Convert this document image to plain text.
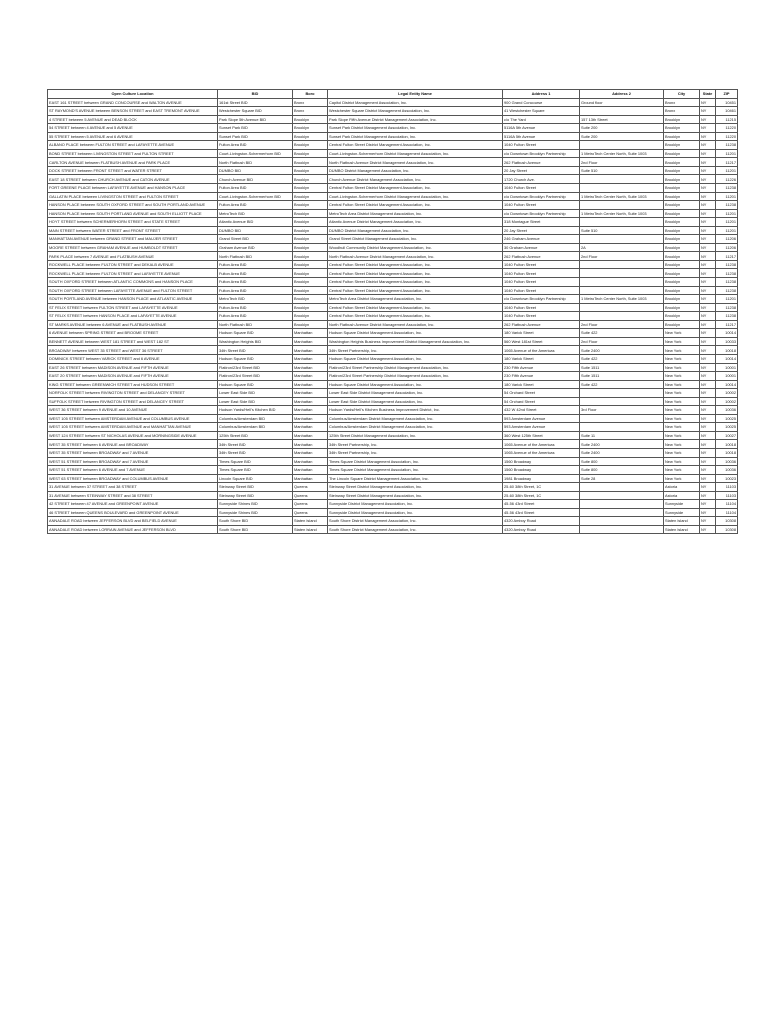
Open Culture Location	BID	Boro	Legal Entity Name	Address 1	Address 2	City	State	ZIP
EAST 161 STREET between GRAND CONCOURSE and WALTON AVENUE	161st Street BID	Bronx	Capitol District Management Association, Inc.	900 Grand Concourse	Ground floor	Bronx	NY	10451
ST RAYMOND'S AVENUE between BENSON STREET and EAST TREMONT AVENUE	Westchester Square BID	Bronx	Westchester Square District Management Association, Inc.	41 Westchester Square		Bronx	NY	10461
4 STREET between 5 AVENUE and DEAD BLOCK	Park Slope 5th Avenue BID	Brooklyn	Park Slope Fifth Avenue District Management Association, Inc.	c/o The Yard	157 13th Street	Brooklyn	NY	11215
54 STREET between 4 AVENUE and 5 AVENUE	Sunset Park BID	Brooklyn	Sunset Park District Management Association, Inc.	5116A 5th Avenue	Suite 200	Brooklyn	NY	11220
55 STREET between 5 AVENUE and 6 AVENUE	Sunset Park BID	Brooklyn	Sunset Park District Management Association, Inc.	5116A 5th Avenue	Suite 200	Brooklyn	NY	11220
ALBANO PLACE between FULTON STREET and LAFAYETTE AVENUE	Fulton Area BID	Brooklyn	Central Fulton Street District Management Association, Inc.	1040 Fulton Street		Brooklyn	NY	11238
BOND STREET between LIVINGSTON STREET and FULTON STREET	Court-Livingston-Schermerhorn BID	Brooklyn	Court-Livingston-Schermerhorn District Management Association, Inc.	c/o Downtown Brooklyn Partnership	1 MetroTech Center North, Suite 1003	Brooklyn	NY	11201
CARLTON AVENUE between FLATBUSH AVENUE and PARK PLACE	North Flatbush BID	Brooklyn	North Flatbush Avenue District Management Association, Inc.	262 Flatbush Avenue	2nd Floor	Brooklyn	NY	11217
DOCK STREET between FRONT STREET and WATER STREET	DUMBO BID	Brooklyn	DUMBO District Management Association, Inc.	20 Jay Street	Suite 510	Brooklyn	NY	11201
EAST 18 STREET between CHURCH AVENUE and CATON AVENUE	Church Avenue BID	Brooklyn	Church Avenue District Management Association, Inc.	1720 Church Ave.		Brooklyn	NY	11226
FORT GREENE PLACE between LAFAYETTE AVENUE and HANSON PLACE	Fulton Area BID	Brooklyn	Central Fulton Street District Management Association, Inc.	1040 Fulton Street		Brooklyn	NY	11238
GALLATIN PLACE between LIVINGSTON STREET and FULTON STREET	Court-Livingston-Schermerhorn BID	Brooklyn	Court-Livingston-Schermerhorn District Management Association, Inc.	c/o Downtown Brooklyn Partnership	1 MetroTech Center North, Suite 1003	Brooklyn	NY	11201
HANSON PLACE between SOUTH OXFORD STREET and SOUTH PORTLAND AVENUE	Fulton Area BID	Brooklyn	Central Fulton Street District Management Association, Inc.	1040 Fulton Street		Brooklyn	NY	11238
HANSON PLACE between SOUTH PORTLAND AVENUE and SOUTH ELLIOTT PLACE	MetroTech BID	Brooklyn	MetroTech Area District Management Association, Inc.	c/o Downtown Brooklyn Partnership	1 MetroTech Center North, Suite 1003	Brooklyn	NY	11201
HOYT STREET between SCHERMERHORN STREET and STATE STREET	Atlantic Avenue BID	Brooklyn	Atlantic Avenue District Management Association, Inc.	318 Montague Street		Brooklyn	NY	11201
MAIN STREET between WATER STREET and FRONT STREET	DUMBO BID	Brooklyn	DUMBO District Management Association, Inc.	20 Jay Street	Suite 510	Brooklyn	NY	11201
MANHATTAN AVENUE between GRAND STREET and MAUJER STREET	Grand Street BID	Brooklyn	Grand Street District Management Association, Inc.	246 Graham Avenue		Brooklyn	NY	11206
MOORE STREET between GRAHAM AVENUE and HUMBOLDT STREET	Graham Avenue BID	Brooklyn	Woodhull Community District Management Association, Inc.	30 Graham Avenue	2A	Brooklyn	NY	11206
PARK PLACE between 7 AVENUE and FLATBUSH AVENUE	North Flatbush BID	Brooklyn	North Flatbush Avenue District Management Association, Inc.	262 Flatbush Avenue	2nd Floor	Brooklyn	NY	11217
ROCKWELL PLACE between FULTON STREET and DEKALB AVENUE	Fulton Area BID	Brooklyn	Central Fulton Street District Management Association, Inc.	1040 Fulton Street		Brooklyn	NY	11238
ROCKWELL PLACE between FULTON STREET and LAFAYETTE AVENUE	Fulton Area BID	Brooklyn	Central Fulton Street District Management Association, Inc.	1040 Fulton Street		Brooklyn	NY	11238
SOUTH OXFORD STREET between ATLANTIC COMMONS and HANSON PLACE	Fulton Area BID	Brooklyn	Central Fulton Street District Management Association, Inc.	1040 Fulton Street		Brooklyn	NY	11238
SOUTH OXFORD STREET between LAFAYETTE AVENUE and FULTON STREET	Fulton Area BID	Brooklyn	Central Fulton Street District Management Association, Inc.	1040 Fulton Street		Brooklyn	NY	11238
SOUTH PORTLAND AVENUE between HANSON PLACE and ATLANTIC AVENUE	MetroTech BID	Brooklyn	MetroTech Area District Management Association, Inc.	c/o Downtown Brooklyn Partnership	1 MetroTech Center North, Suite 1003	Brooklyn	NY	11201
ST FELIX STREET between FULTON STREET and LAFAYETTE AVENUE	Fulton Area BID	Brooklyn	Central Fulton Street District Management Association, Inc.	1040 Fulton Street		Brooklyn	NY	11238
ST FELIX STREET between HANSON PLACE and LAFAYETTE AVENUE	Fulton Area BID	Brooklyn	Central Fulton Street District Management Association, Inc.	1040 Fulton Street		Brooklyn	NY	11238
ST MARKS AVENUE between 6 AVENUE and FLATBUSH AVENUE	North Flatbush BID	Brooklyn	North Flatbush Avenue District Management Association, Inc.	262 Flatbush Avenue	2nd Floor	Brooklyn	NY	11217
6 AVENUE between SPRING STREET and BROOME STREET	Hudson Square BID	Manhattan	Hudson Square District Management Association, Inc.	180 Varick Street	Suite 422	New York	NY	10014
BENNETT AVENUE between WEST 181 STREET and WEST 182 ST	Washington Heights BID	Manhattan	Washington Heights Business Improvement District Management Association, Inc.	560 West 181st Street	2nd Floor	New York	NY	10033
BROADWAY between WEST 35 STREET and WEST 36 STREET	34th Street BID	Manhattan	34th Street Partnership, Inc.	1065 Avenue of the Americas	Suite 2400	New York	NY	10018
DOMINICK STREET between VARICK STREET and 6 AVENUE	Hudson Square BID	Manhattan	Hudson Square District Management Association, Inc.	180 Varick Street	Suite 422	New York	NY	10014
EAST 26 STREET between MADISON AVENUE and FIFTH AVENUE	Flatiron/23rd Street BID	Manhattan	Flatiron/23rd Street Partnership District Management Association, Inc.	230 Fifth Avenue	Suite 1511	New York	NY	10001
EAST 20 STREET between MADISON AVENUE and FIFTH AVENUE	Flatiron/23rd Street BID	Manhattan	Flatiron/23rd Street Partnership District Management Association, Inc.	230 Fifth Avenue	Suite 1511	New York	NY	10001
KING STREET between GREENWICH STREET and HUDSON STREET	Hudson Square BID	Manhattan	Hudson Square District Management Association, Inc.	180 Varick Street	Suite 422	New York	NY	10014
NORFOLK STREET between RIVINGTON STREET and DELANCEY STREET	Lower East Side BID	Manhattan	Lower East Side District Management Association, Inc.	54 Orchard Street		New York	NY	10002
SUFFOLK STREET between RIVINGTON STREET and DELANCEY STREET	Lower East Side BID	Manhattan	Lower East Side District Management Association, Inc.	54 Orchard Street		New York	NY	10002
WEST 36 STREET between 9 AVENUE and 10 AVENUE	Hudson Yards/Hell's Kitchen BID	Manhattan	Hudson Yards/Hell's Kitchen Business Improvement District, Inc.	432 W 42nd Street	3rd Floor	New York	NY	10036
WEST 105 STREET between AMSTERDAM AVENUE and COLUMBUS AVENUE	Columbus/Amsterdam BID	Manhattan	Columbus/Amsterdam District Management Association, Inc.	593 Amsterdam Avenue		New York	NY	10025
WEST 105 STREET between AMSTERDAM AVENUE and MANHATTAN AVENUE	Columbus/Amsterdam BID	Manhattan	Columbus/Amsterdam District Management Association, Inc.	593 Amsterdam Avenue		New York	NY	10025
WEST 124 STREET between ST NICHOLAS AVENUE and MORNINGSIDE AVENUE	125th Street BID	Manhattan	125th Street District Management Association, Inc.	360 West 125th Street	Suite 11	New York	NY	10027
WEST 35 STREET between 6 AVENUE and BROADWAY	34th Street BID	Manhattan	34th Street Partnership, Inc.	1065 Avenue of the Americas	Suite 2400	New York	NY	10018
WEST 35 STREET between BROADWAY and 7 AVENUE	34th Street BID	Manhattan	34th Street Partnership, Inc.	1065 Avenue of the Americas	Suite 2400	New York	NY	10018
WEST 51 STREET between BROADWAY and 7 AVENUE	Times Square BID	Manhattan	Times Square District Management Association, Inc.	1560 Broadway	Suite 800	New York	NY	10036
WEST 51 STREET between 6 AVENUE and 7 AVENUE	Times Square BID	Manhattan	Times Square District Management Association, Inc.	1560 Broadway	Suite 800	New York	NY	10036
WEST 63 STREET between BROADWAY and COLUMBUS AVENUE	Lincoln Square BID	Manhattan	The Lincoln Square District Management Association, Inc.	1981 Broadway	Suite 28	New York	NY	10023
31 AVENUE between 37 STREET and 38 STREET	Steinway Street BID	Queens	Steinway Street District Management Association, Inc.	25-60 38th Street, 1C		Astoria	NY	11103
31 AVENUE between STEINWAY STREET and 38 STREET	Steinway Street BID	Queens	Steinway Street District Management Association, Inc.	25-60 38th Street, 1C		Astoria	NY	11103
42 STREET between 47 AVENUE and GREENPOINT AVENUE	Sunnyside Shines BID	Queens	Sunnyside District Management Association, Inc.	45-56 43rd Street		Sunnyside	NY	11104
46 STREET between QUEENS BOULEVARD and GREENPOINT AVENUE	Sunnyside Shines BID	Queens	Sunnyside District Management Association, Inc.	45-56 43rd Street		Sunnyside	NY	11104
ANNADALE ROAD between JEFFERSON BLVD and BELFIELD AVENUE	South Shore BID	Staten Island	South Shore District Management Association, Inc.	4320 Amboy Road		Staten Island	NY	10308
ANNADALE ROAD between LORRAIN AVENUE and JEFFERSON BLVD	South Shore BID	Staten Island	South Shore District Management Association, Inc.	4320 Amboy Road		Staten Island	NY	10308
